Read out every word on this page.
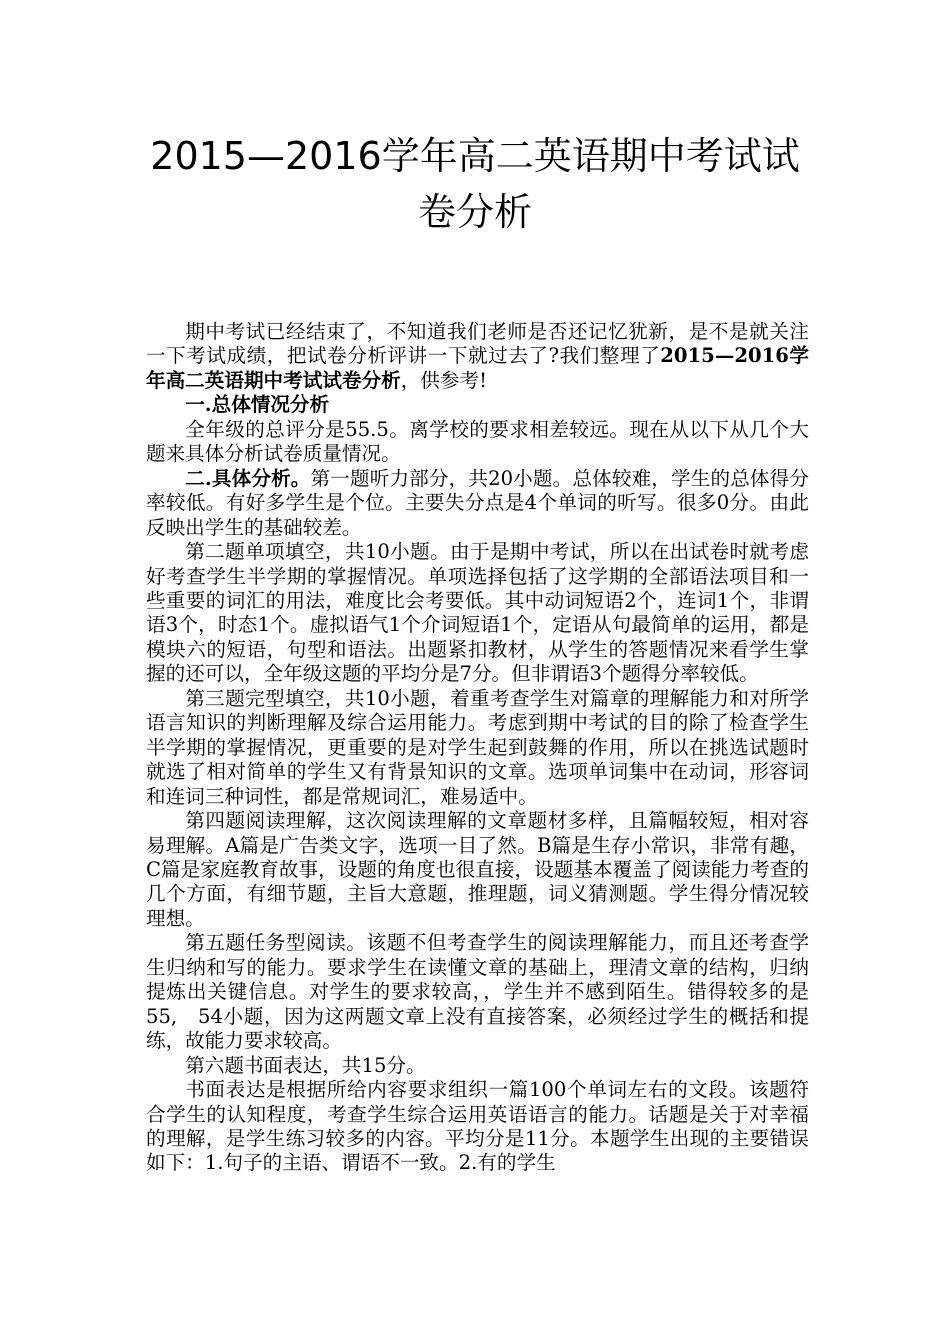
2015—2016学年高二英语期中考试试卷分析

期中考试已经结束了，不知道我们老师是否还记忆犹新，是不是就关注一下考试成绩，把试卷分析评讲一下就过去了?我们整理了2015—2016学年高二英语期中考试试卷分析，供参考!

一.总体情况分析

全年级的总评分是55.5。离学校的要求相差较远。现在从以下从几个大题来具体分析试卷质量情况。

二.具体分析。第一题听力部分，共20小题。总体较难，学生的总体得分率较低。有好多学生是个位。主要失分点是4个单词的听写。很多0分。由此反映出学生的基础较差。

第二题单项填空，共10小题。由于是期中考试，所以在出试卷时就考虑好考查学生半学期的掌握情况。单项选择包括了这学期的全部语法项目和一些重要的词汇的用法，难度比会考要低。其中动词短语2个，连词1个，非谓语3个，时态1个。虚拟语气1个介词短语1个，定语从句最简单的运用，都是模块六的短语，句型和语法。出题紧扣教材，从学生的答题情况来看学生掌握的还可以，全年级这题的平均分是7分。但非谓语3个题得分率较低。

第三题完型填空，共10小题，着重考查学生对篇章的理解能力和对所学语言知识的判断理解及综合运用能力。考虑到期中考试的目的除了检查学生半学期的掌握情况，更重要的是对学生起到鼓舞的作用，所以在挑选试题时就选了相对简单的学生又有背景知识的文章。选项单词集中在动词，形容词和连词三种词性，都是常规词汇，难易适中。

第四题阅读理解，这次阅读理解的文章题材多样，且篇幅较短，相对容易理解。A篇是广告类文字，选项一目了然。B篇是生存小常识，非常有趣，C篇是家庭教育故事，设题的角度也很直接，设题基本覆盖了阅读能力考查的几个方面，有细节题，主旨大意题，推理题，词义猜测题。学生得分情况较理想。

第五题任务型阅读。该题不但考查学生的阅读理解能力，而且还考查学生归纳和写的能力。要求学生在读懂文章的基础上，理清文章的结构，归纳提炼出关键信息。对学生的要求较高，，学生并不感到陌生。错得较多的是55,　54小题，因为这两题文章上没有直接答案，必须经过学生的概括和提练，故能力要求较高。

第六题书面表达，共15分。

书面表达是根据所给内容要求组织一篇100个单词左右的文段。该题符合学生的认知程度，考查学生综合运用英语语言的能力。话题是关于对幸福的理解，是学生练习较多的内容。平均分是11分。本题学生出现的主要错误如下：1.句子的主语、谓语不一致。2.有的学生
